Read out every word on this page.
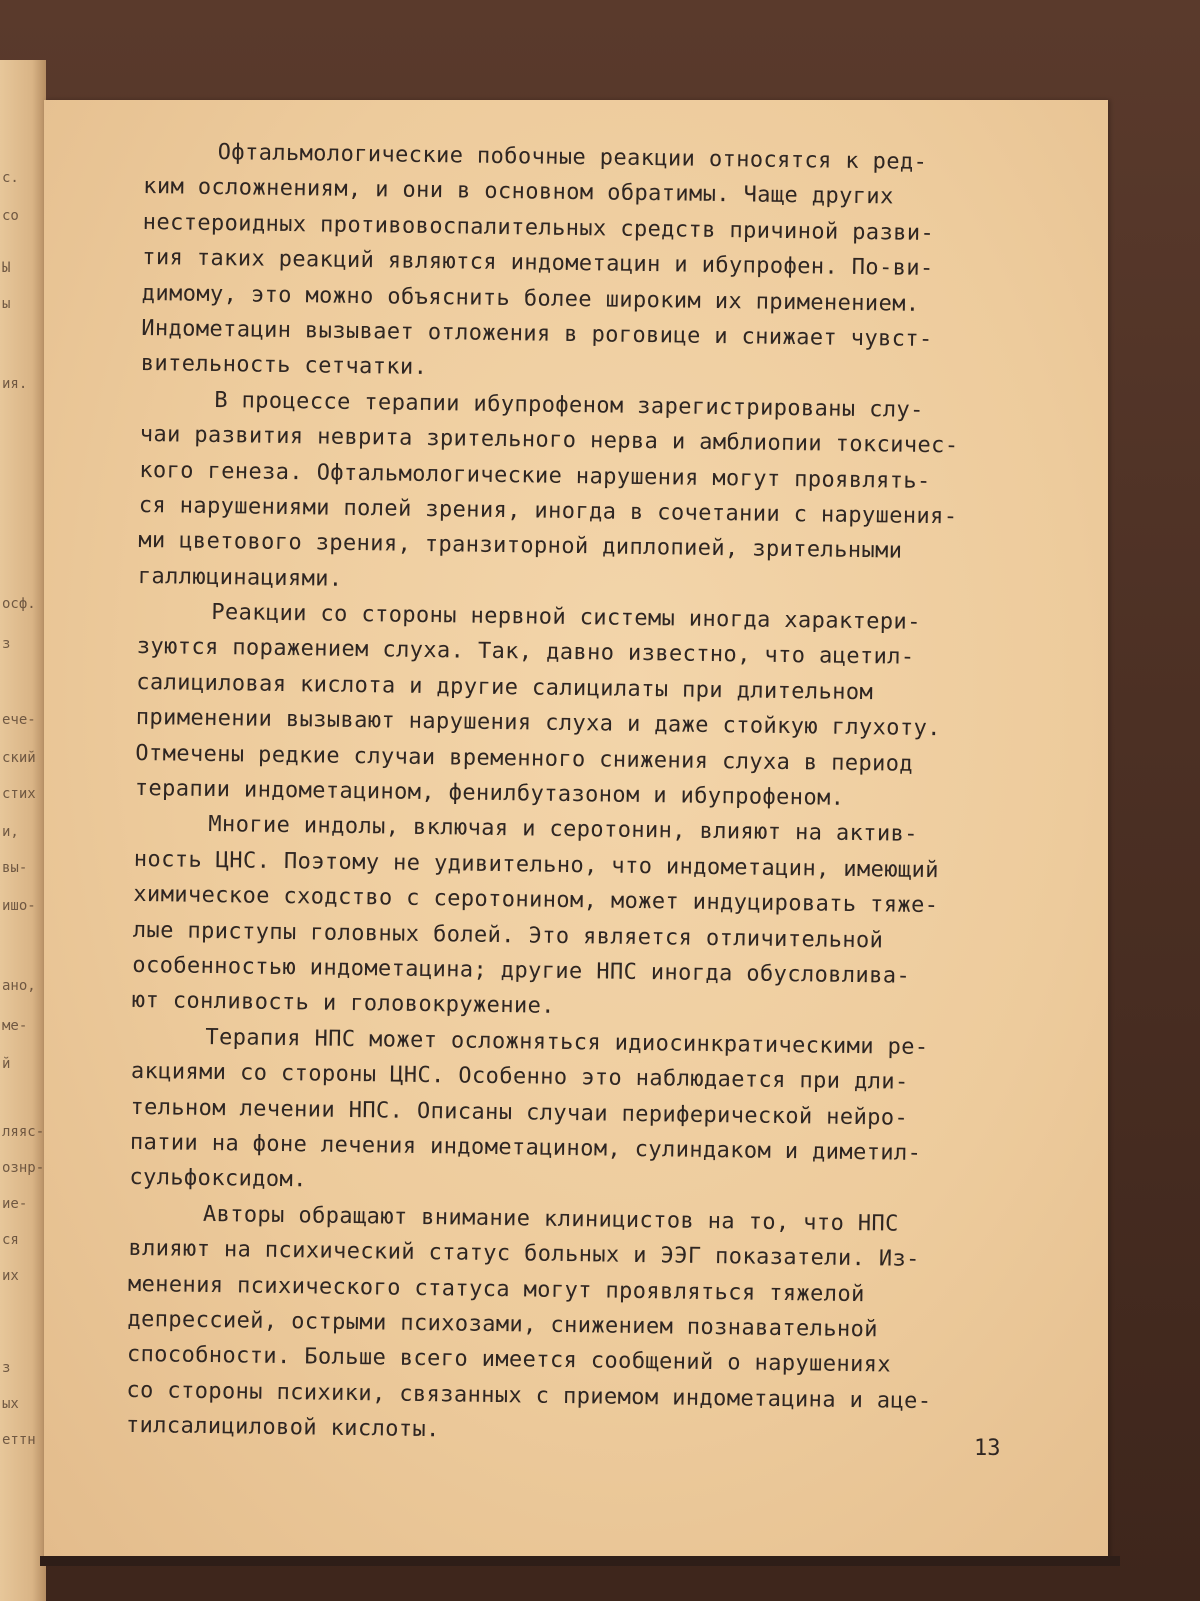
с.
со
Ы
ы
ия.
осф.
з
ече-
ский
стих
и,
вы-
ишо-
ано,
ме-
й
ляяс-
ознр-
ие-
ся
их
з
ых
еттн
Офтальмологические побочные реакции относятся к ред-
ким осложнениям, и они в основном обратимы. Чаще других
нестероидных противовоспалительных средств причиной разви-
тия таких реакций являются индометацин и ибупрофен. По-ви-
димому, это можно объяснить более широким их применением.
Индометацин вызывает отложения в роговице и снижает чувст-
вительность сетчатки.
В процессе терапии ибупрофеном зарегистрированы слу-
чаи развития неврита зрительного нерва и амблиопии токсичес-
кого генеза. Офтальмологические нарушения могут проявлять-
ся нарушениями полей зрения, иногда в сочетании с нарушения-
ми цветового зрения, транзиторной диплопией, зрительными
галлюцинациями.
Реакции со стороны нервной системы иногда характери-
зуются поражением слуха. Так, давно известно, что ацетил-
салициловая кислота и другие салицилаты при длительном
применении вызывают нарушения слуха и даже стойкую глухоту.
Отмечены редкие случаи временного снижения слуха в период
терапии индометацином, фенилбутазоном и ибупрофеном.
Многие индолы, включая и серотонин, влияют на актив-
ность ЦНС. Поэтому не удивительно, что индометацин, имеющий
химическое сходство с серотонином, может индуцировать тяже-
лые приступы головных болей. Это является отличительной
особенностью индометацина; другие НПС иногда обусловлива-
ют сонливость и головокружение.
Терапия НПС может осложняться идиосинкратическими ре-
акциями со стороны ЦНС. Особенно это наблюдается при дли-
тельном лечении НПС. Описаны случаи периферической нейро-
патии на фоне лечения индометацином, сулиндаком и диметил-
сульфоксидом.
Авторы обращают внимание клиницистов на то, что НПС
влияют на психический статус больных и ЭЭГ показатели. Из-
менения психического статуса могут проявляться тяжелой
депрессией, острыми психозами, снижением познавательной
способности. Больше всего имеется сообщений о нарушениях
со стороны психики, связанных с приемом индометацина и аце-
тилсалициловой кислоты.
13
